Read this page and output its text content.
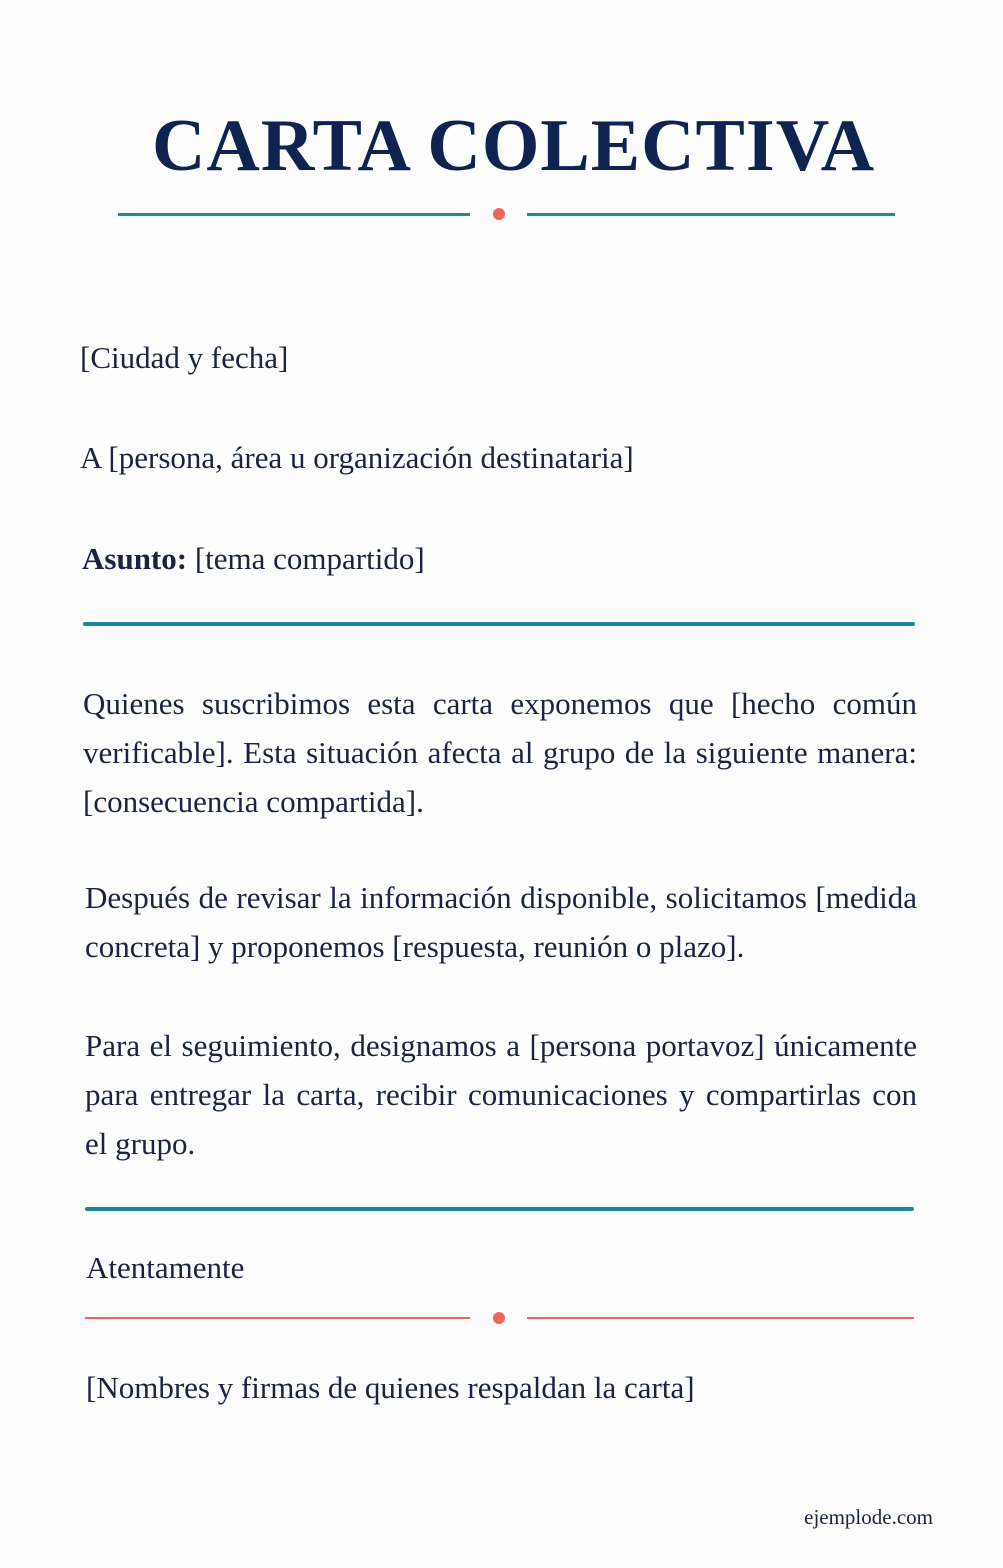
CARTA COLECTIVA
[Ciudad y fecha]
A [persona, área u organización destinataria]
Asunto: [tema compartido]
Quienes suscribimos esta carta exponemos que [hecho común verificable]. Esta situación afecta al grupo de la siguiente manera: [consecuencia compartida].
Después de revisar la información disponible, solicitamos [medida concreta] y proponemos [respuesta, reunión o plazo].
Para el seguimiento, designamos a [persona portavoz] únicamente para entregar la carta, recibir comunicaciones y compartirlas con el grupo.
Atentamente
[Nombres y firmas de quienes respaldan la carta]
ejemplode.com
